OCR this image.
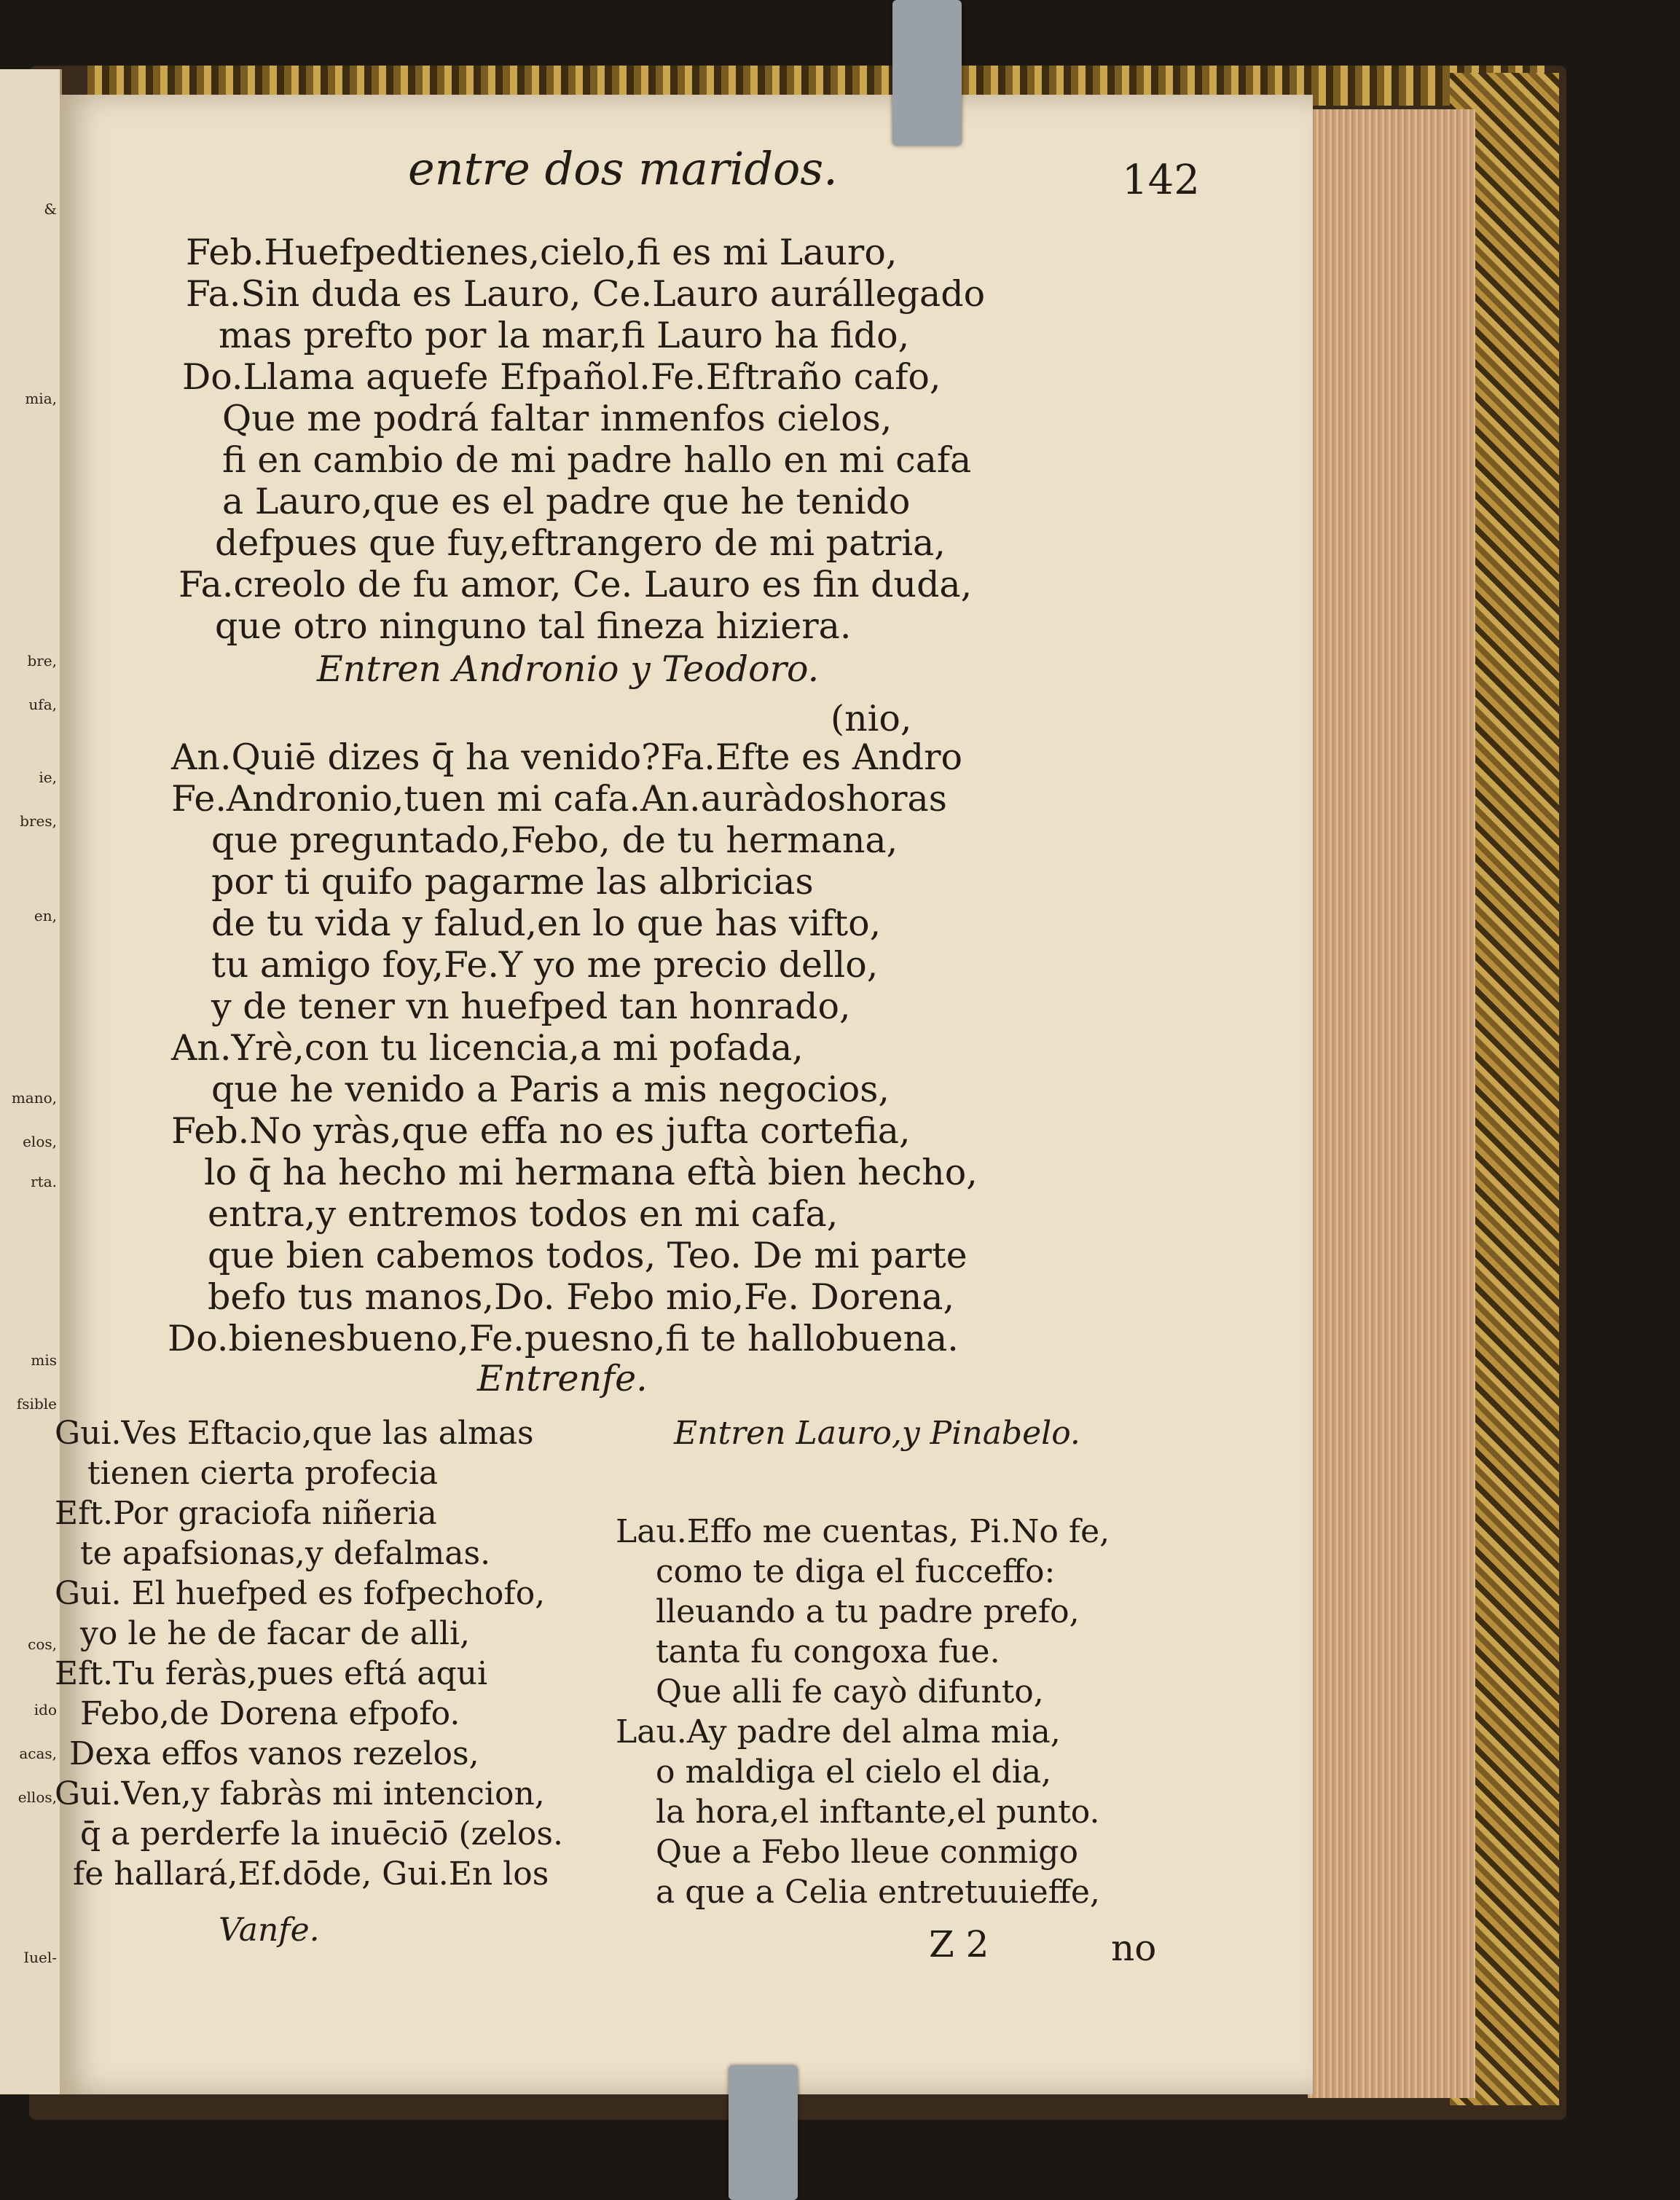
&
mia,
bre,
ufa,
ie,
bres,
en,
mano,
elos,
rta.
mis
fsible
cos,
ido
acas,
ellos,
Iuel-
entre dos maridos.	142
Feb.Huefpedtienes,cielo,fi es mi Lauro,
Fa.Sin duda es Lauro, Ce.Lauro aurállegado
mas prefto por la mar,fi Lauro ha fido,
Do.Llama aquefe Efpañol.Fe.Eftraño cafo,
Que me podrá faltar inmenfos cielos,
fi en cambio de mi padre hallo en mi cafa
a Lauro,que es el padre que he tenido
defpues que fuy,eftrangero de mi patria,
Fa.creolo de fu amor, Ce. Lauro es fin duda,
que otro ninguno tal fineza hiziera.
Entren Andronio y Teodoro.
(nio,
An.Quiē dizes q̄ ha venido?Fa.Efte es Andro
Fe.Andronio,tuen mi cafa.An.auràdoshoras
que preguntado,Febo, de tu hermana,
por ti quifo pagarme las albricias
de tu vida y falud,en lo que has vifto,
tu amigo foy,Fe.Y yo me precio dello,
y de tener vn huefped tan honrado,
An.Yrè,con tu licencia,a mi pofada,
que he venido a Paris a mis negocios,
Feb.No yràs,que effa no es jufta cortefia,
lo q̄ ha hecho mi hermana eftà bien hecho,
entra,y entremos todos en mi cafa,
que bien cabemos todos, Teo. De mi parte
befo tus manos,Do. Febo mio,Fe. Dorena,
Do.bienesbueno,Fe.puesno,fi te hallobuena.
Entrenfe.
Gui.Ves Eftacio,que las almas
tienen cierta profecia
Eft.Por graciofa niñeria
te apafsionas,y defalmas.
Gui. El huefped es fofpechofo,
yo le he de facar de alli,
Eft.Tu feràs,pues eftá aqui
Febo,de Dorena efpofo.
Dexa effos vanos rezelos,
Gui.Ven,y fabràs mi intencion,
q̄ a perderfe la inuēciō (zelos.
fe hallará,Ef.dōde, Gui.En los
Vanfe.
Entren Lauro,y Pinabelo.
Lau.Effo me cuentas, Pi.No fe,
como te diga el fucceffo:
lleuando a tu padre prefo,
tanta fu congoxa fue.
Que alli fe cayò difunto,
Lau.Ay padre del alma mia,
o maldiga el cielo el dia,
la hora,el inftante,el punto.
Que a Febo lleue conmigo
a que a Celia entretuuieffe,
Z 2	no
